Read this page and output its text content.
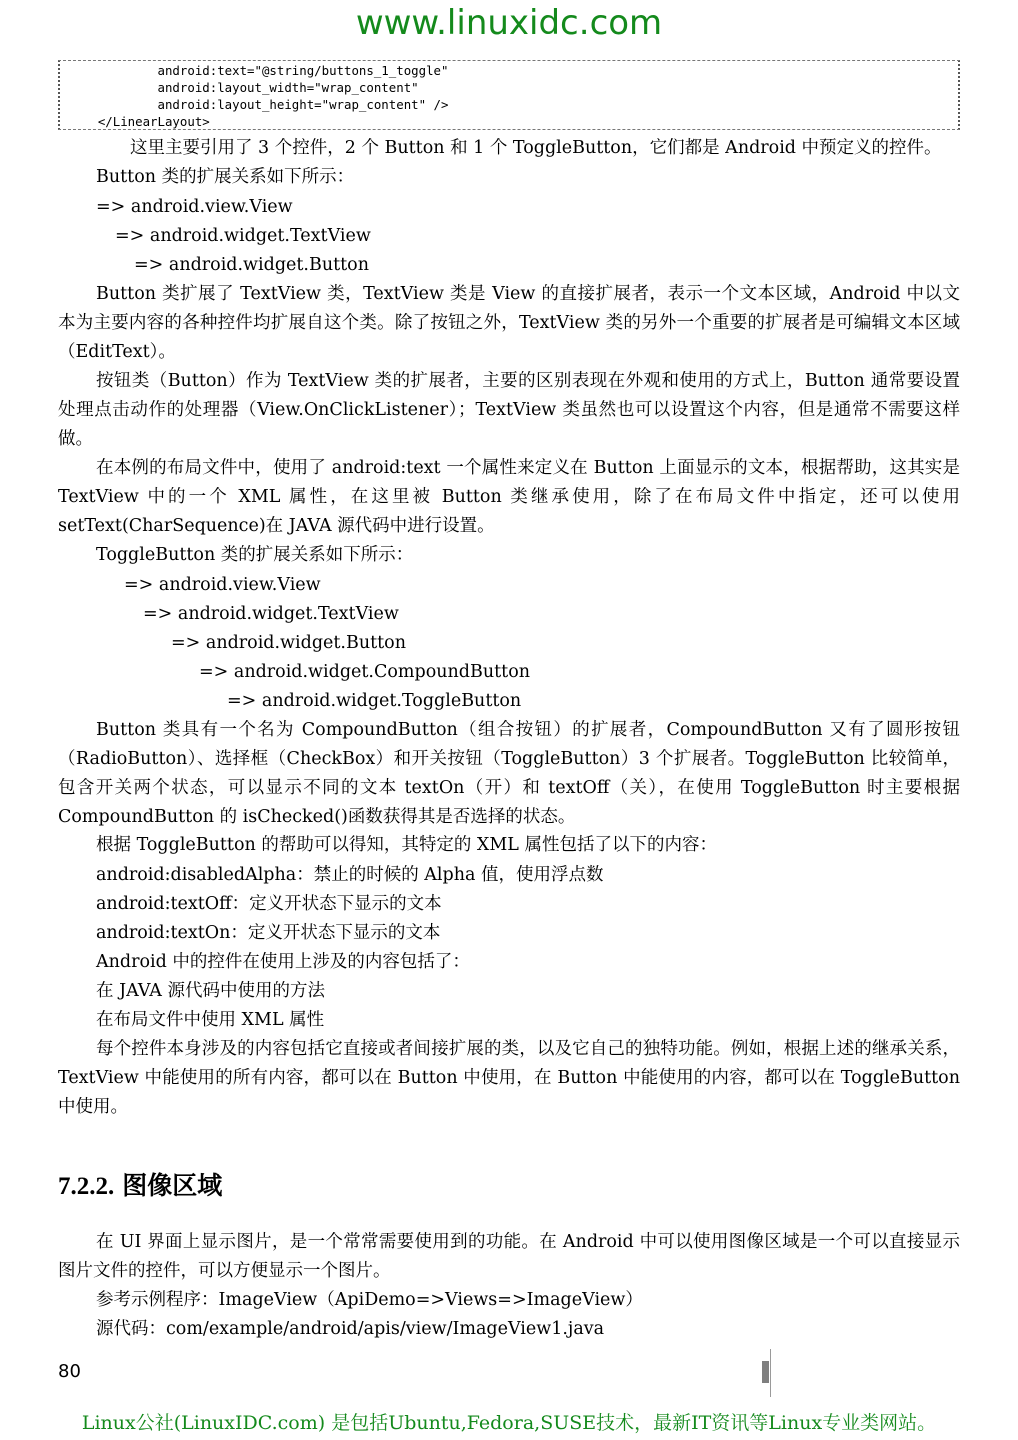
www.linuxidc.com
android:text="@string/buttons_1_toggle"
android:layout_width="wrap_content"
android:layout_height="wrap_content" />
</LinearLayout>
这里主要引用了 3 个控件，2 个 Button 和 1 个 ToggleButton，它们都是 Android 中预定义的控件。
Button 类的扩展关系如下所示：
=> android.view.View
=> android.widget.TextView
=> android.widget.Button

Button 类扩展了 TextView 类，TextView 类是 View 的直接扩展者，表示一个文本区域，Android 中以文本为主要内容的各种控件均扩展自这个类。除了按钮之外，TextView 类的另外一个重要的扩展者是可编辑文本区域（EditText）。

按钮类（Button）作为 TextView 类的扩展者，主要的区别表现在外观和使用的方式上，Button 通常要设置处理点击动作的处理器（View.OnClickListener）；TextView 类虽然也可以设置这个内容，但是通常不需要这样做。

在本例的布局文件中，使用了 android:text 一个属性来定义在 Button 上面显示的文本，根据帮助，这其实是 TextView 中的一个 XML 属性，在这里被 Button 类继承使用，除了在布局文件中指定，还可以使用 setText(CharSequence)在 JAVA 源代码中进行设置。

ToggleButton 类的扩展关系如下所示：
=> android.view.View
=> android.widget.TextView
=> android.widget.Button
=> android.widget.CompoundButton
=> android.widget.ToggleButton

Button 类具有一个名为 CompoundButton（组合按钮）的扩展者，CompoundButton 又有了圆形按钮（RadioButton）、选择框（CheckBox）和开关按钮（ToggleButton）3 个扩展者。ToggleButton 比较简单，包含开关两个状态，可以显示不同的文本 textOn（开）和 textOff（关），在使用 ToggleButton 时主要根据 CompoundButton 的 isChecked()函数获得其是否选择的状态。

根据 ToggleButton 的帮助可以得知，其特定的 XML 属性包括了以下的内容：
android:disabledAlpha：禁止的时候的 Alpha 值，使用浮点数
android:textOff：定义开状态下显示的文本
android:textOn：定义开状态下显示的文本
Android 中的控件在使用上涉及的内容包括了：
在 JAVA 源代码中使用的方法
在布局文件中使用 XML 属性

每个控件本身涉及的内容包括它直接或者间接扩展的类，以及它自己的独特功能。例如，根据上述的继承关系，TextView 中能使用的所有内容，都可以在 Button 中使用，在 Button 中能使用的内容，都可以在 ToggleButton 中使用。

7.2.2. 图像区域

在 UI 界面上显示图片，是一个常常需要使用到的功能。在 Android 中可以使用图像区域是一个可以直接显示图片文件的控件，可以方便显示一个图片。

参考示例程序：ImageView（ApiDemo=>Views=>ImageView）
源代码：com/example/android/apis/view/ImageView1.java
80
Linux公社(LinuxIDC.com) 是包括Ubuntu,Fedora,SUSE技术，最新IT资讯等Linux专业类网站。
